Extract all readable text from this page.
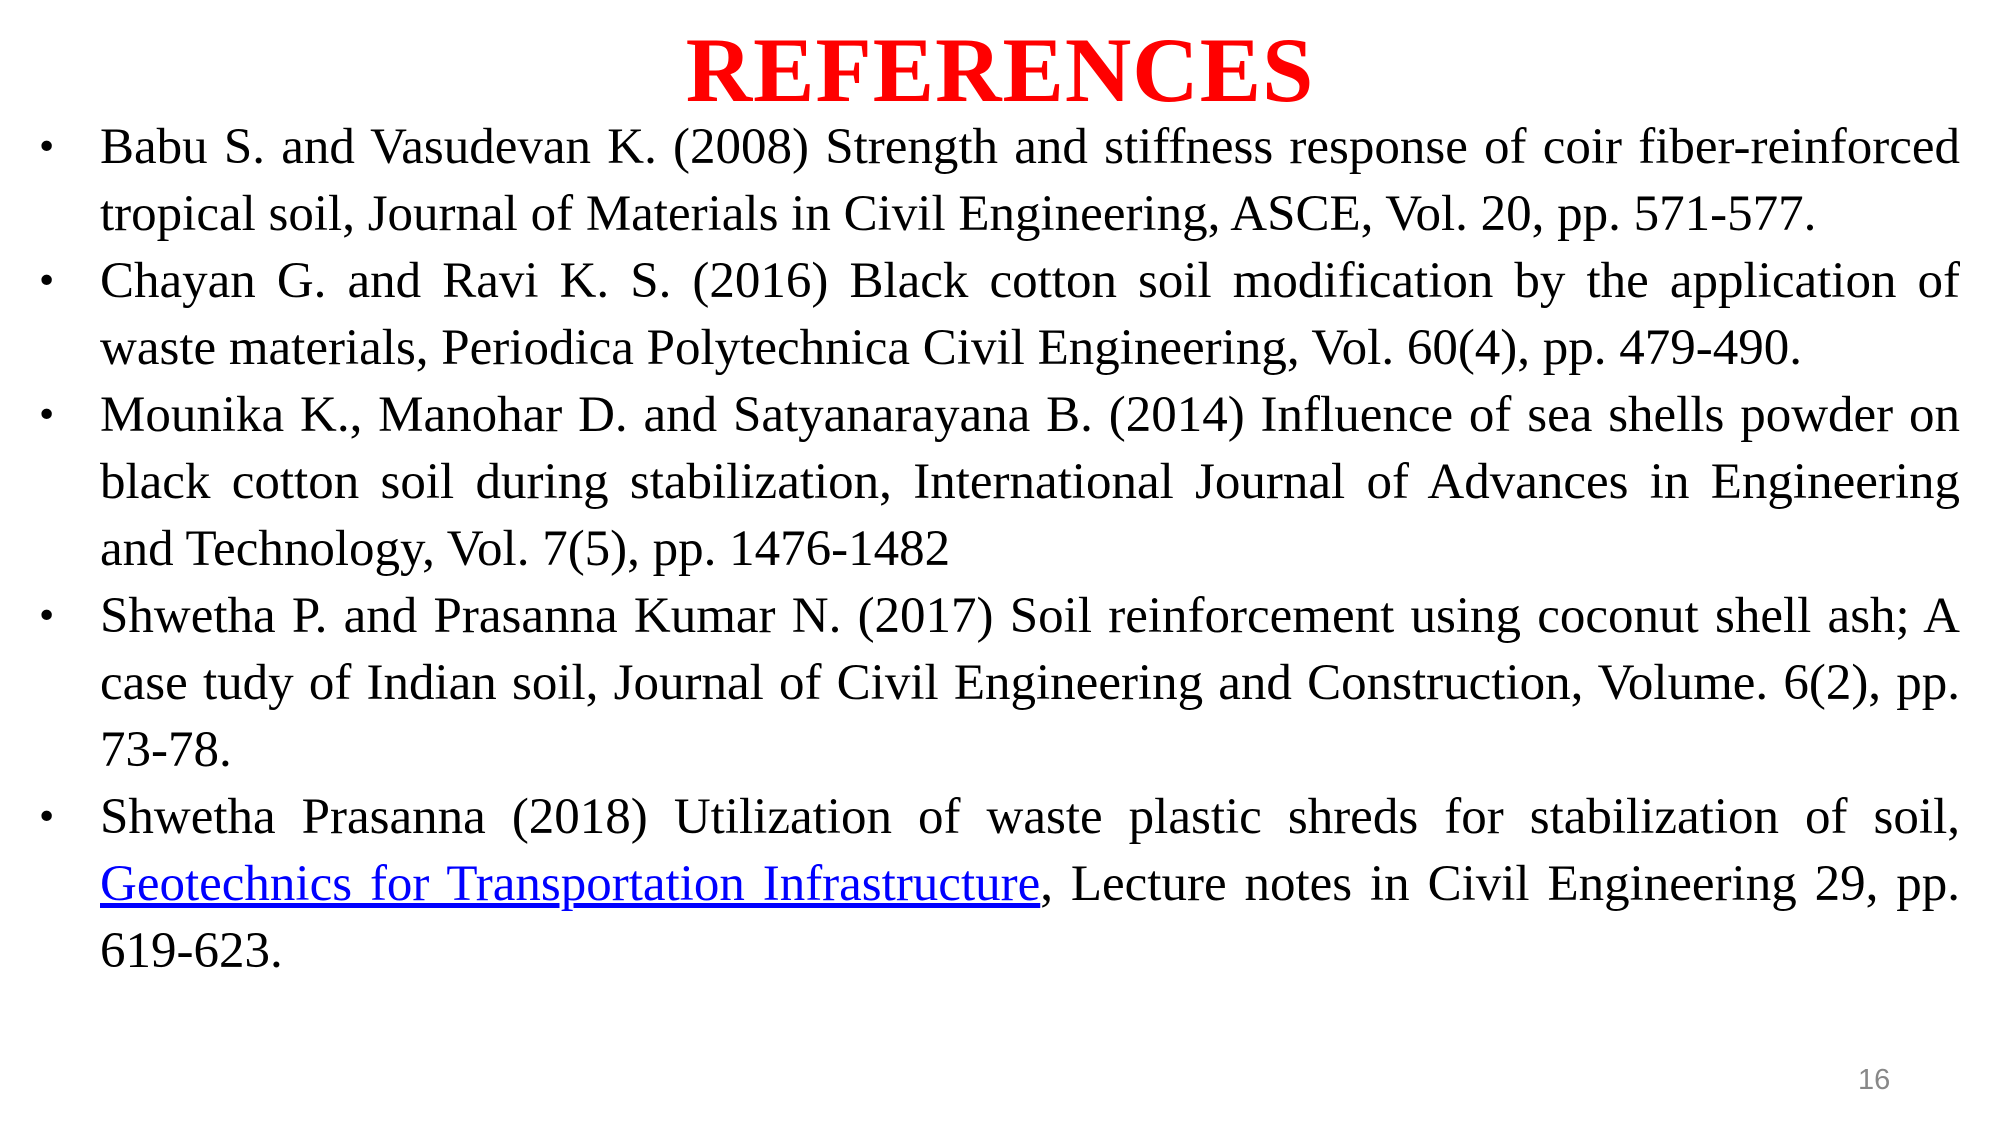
REFERENCES
• Babu S. and Vasudevan K. (2008) Strength and stiffness response of coir fiber-reinforced tropical soil, Journal of Materials in Civil Engineering, ASCE, Vol. 20, pp. 571-577.
• Chayan G. and Ravi K. S. (2016) Black cotton soil modification by the application of waste materials, Periodica Polytechnica Civil Engineering, Vol. 60(4), pp. 479-490.
• Mounika K., Manohar D. and Satyanarayana B. (2014) Influence of sea shells powder on black cotton soil during stabilization, International Journal of Advances in Engineering and Technology, Vol. 7(5), pp. 1476-1482
• Shwetha P. and Prasanna Kumar N. (2017) Soil reinforcement using coconut shell ash; A case tudy of Indian soil, Journal of Civil Engineering and Construction, Volume. 6(2), pp. 73-78.
• Shwetha Prasanna (2018) Utilization of waste plastic shreds for stabilization of soil, Geotechnics for Transportation Infrastructure, Lecture notes in Civil Engineering 29, pp. 619-623.
16
